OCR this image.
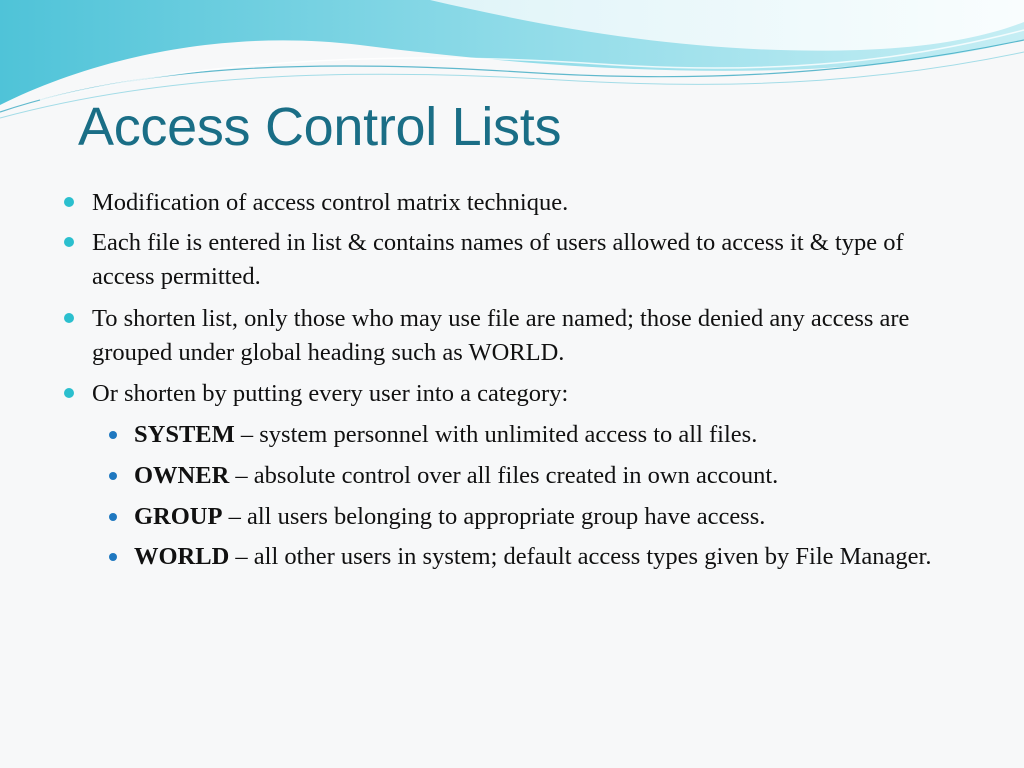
Access Control Lists
Modification of access control matrix technique.
Each file is entered in list & contains names of users allowed to access it & type of access permitted.
To shorten list, only those who may use file are named; those denied any access are grouped under global heading such as WORLD.
Or shorten by putting every user into a category:
SYSTEM – system personnel with unlimited access to all files.
OWNER – absolute control over all files created in own account.
GROUP – all users belonging to appropriate group have access.
WORLD – all other users in system; default access types given by File Manager.
